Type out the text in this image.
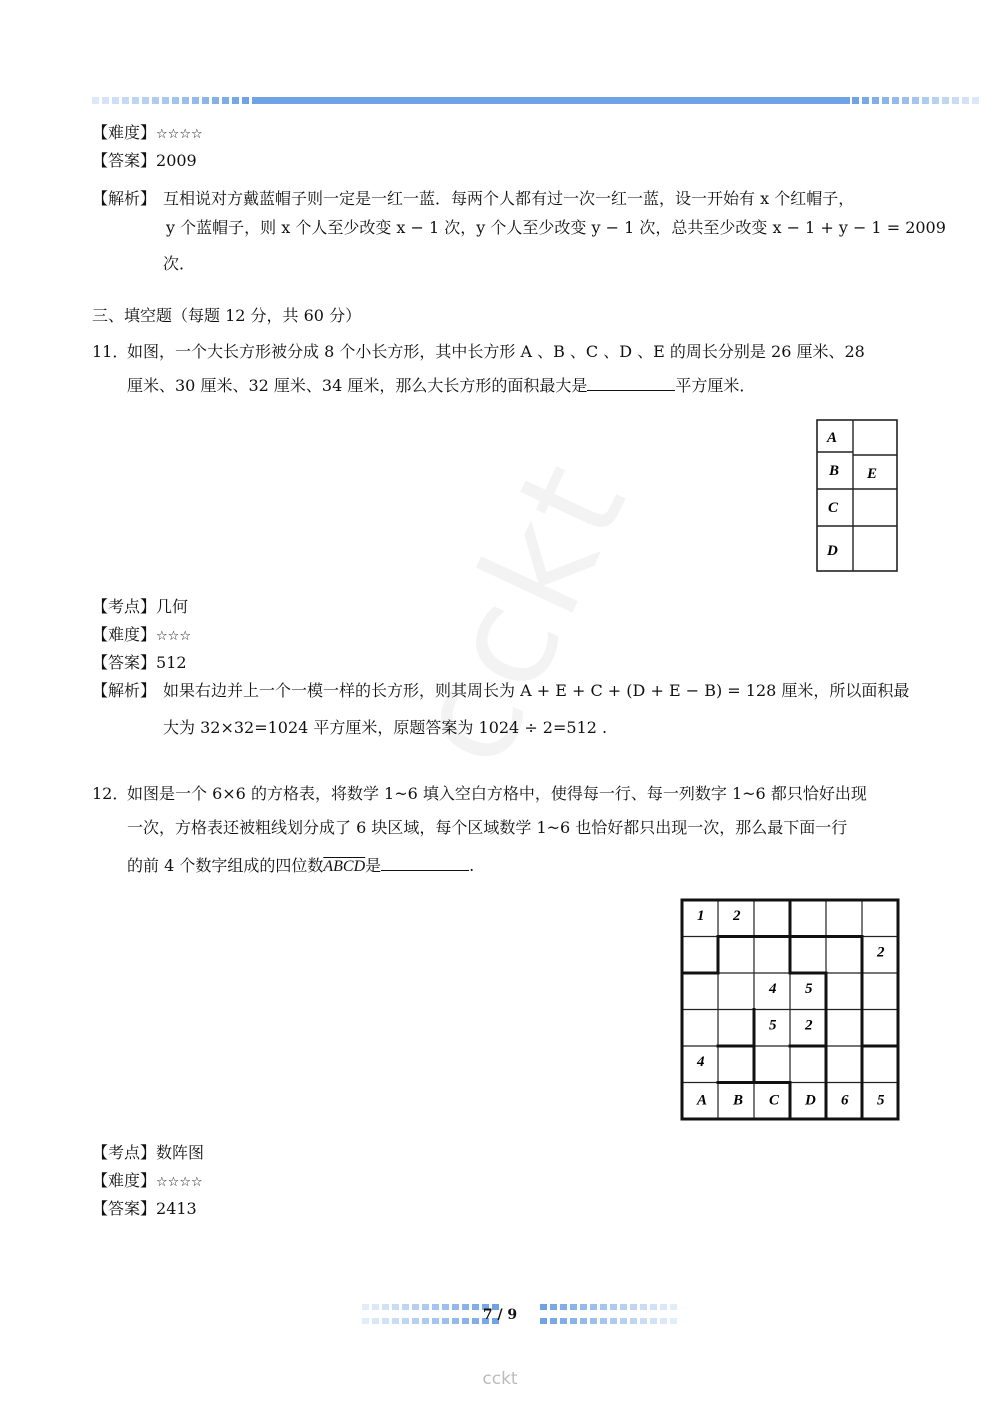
【难度】☆☆☆☆
【答案】2009
【解析】 互相说对方戴蓝帽子则一定是一红一蓝．每两个人都有过一次一红一蓝，设一开始有 x 个红帽子，
y 个蓝帽子，则 x 个人至少改变 x − 1 次，y 个人至少改变 y − 1 次，总共至少改变 x − 1 + y − 1 = 2009
次．
三、填空题（每题 12 分，共 60 分）
11．
如图，一个大长方形被分成 8 个小长方形，其中长方形 A 、B 、C 、D 、E 的周长分别是 26 厘米、28
厘米、30 厘米、32 厘米、34 厘米，那么大长方形的面积最大是	平方厘米．
A
B E
C
D
【考点】几何
【难度】☆☆☆
【答案】512
【解析】 如果右边并上一个一模一样的长方形，则其周长为 A + E + C + (D + E − B) = 128 厘米，所以面积最
大为 32×32=1024 平方厘米，原题答案为 1024 ÷ 2=512 .
12．
如图是一个 6×6 的方格表，将数学 1~6 填入空白方格中，使得每一行、每一列数字 1~6 都只恰好出现
一次，方格表还被粗线划分成了 6 块区域，每个区域数学 1~6 也恰好都只出现一次，那么最下面一行
的前 4 个数字组成的四位数ABCD是	.
1 2
2
4 5
5 2
4
A B C D 6 5
【考点】数阵图
【难度】☆☆☆☆
【答案】2413
7 / 9
cckt
